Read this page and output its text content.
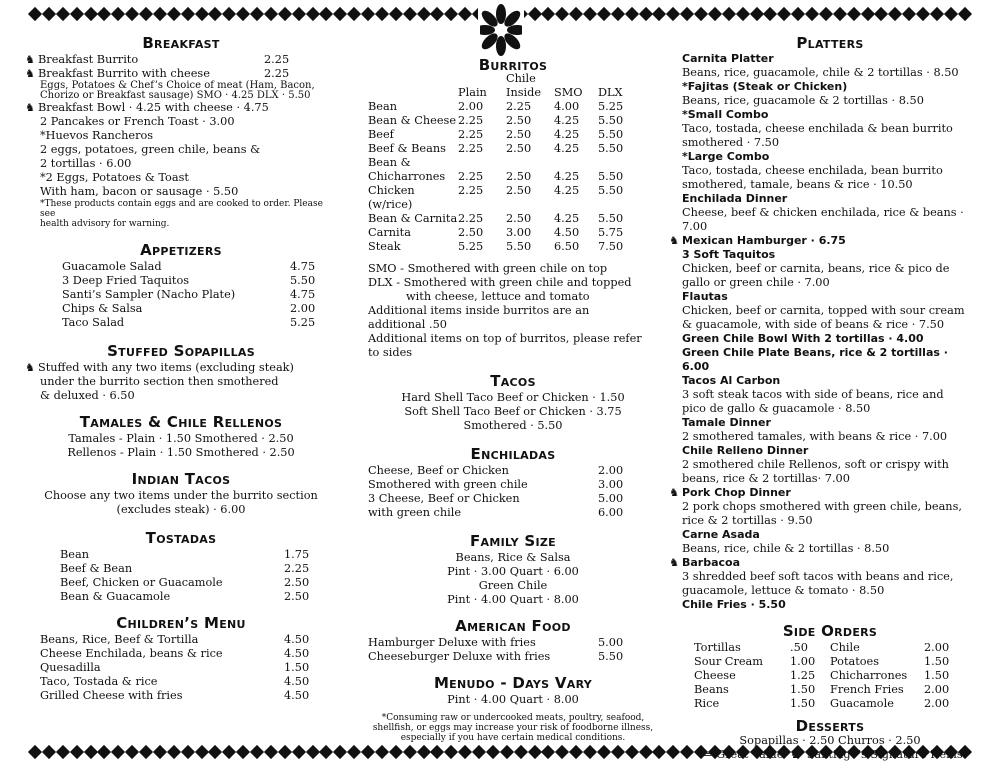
Breakfast
♞ Breakfast Burrito	2.25
♞ Breakfast Burrito with cheese	2.25
Eggs, Potatoes & Chef’s Choice of meat (Ham, Bacon,
Chorizo or Breakfast sausage) SMO · 4.25 DLX · 5.50
♞ Breakfast Bowl · 4.25 with cheese · 4.75
2 Pancakes or French Toast · 3.00
*Huevos Rancheros
2 eggs, potatoes, green chile, beans &
2 tortillas · 6.00
*2 Eggs, Potatoes & Toast
With ham, bacon or sausage · 5.50
*These products contain eggs and are cooked to order. Please see
health advisory for warning.
Appetizers
Guacamole Salad	4.75
3 Deep Fried Taquitos	5.50
Santi’s Sampler (Nacho Plate)	4.75
Chips & Salsa	2.00
Taco Salad	5.25
Stuffed Sopapillas
♞ Stuffed with any two items (excluding steak)
under the burrito section then smothered
& deluxed · 6.50
Tamales & Chile Rellenos
Tamales - Plain · 1.50 Smothered · 2.50
Rellenos - Plain · 1.50 Smothered · 2.50
Indian Tacos
Choose any two items under the burrito section
(excludes steak) · 6.00
Tostadas
Bean	1.75
Beef & Bean	2.25
Beef, Chicken or Guacamole	2.50
Bean & Guacamole	2.50
Children’s Menu
Beans, Rice, Beef & Tortilla	4.50
Cheese Enchilada, beans & rice	4.50
Quesadilla	1.50
Taco, Tostada & rice	4.50
Grilled Cheese with fries	4.50
Burritos
		Chile		
	Plain	Inside	SMO	DLX
Bean	2.00	2.25	4.00	5.25
Bean & Cheese	2.25	2.50	4.25	5.50
Beef	2.25	2.50	4.25	5.50
Beef & Beans	2.25	2.50	4.25	5.50
Bean &				
Chicharrones	2.25	2.50	4.25	5.50
Chicken (w/rice)	2.25	2.50	4.25	5.50
Bean & Carnita	2.25	2.50	4.25	5.50
Carnita	2.50	3.00	4.50	5.75
Steak	5.25	5.50	6.50	7.50
SMO - Smothered with green chile on top
DLX - Smothered with green chile and topped
with cheese, lettuce and tomato
Additional items inside burritos are an
additional .50
Additional items on top of burritos, please refer
to sides
Tacos
Hard Shell Taco Beef or Chicken · 1.50
Soft Shell Taco Beef or Chicken · 3.75
Smothered · 5.50
Enchiladas
Cheese, Beef or Chicken	2.00
Smothered with green chile	3.00
3 Cheese, Beef or Chicken	5.00
with green chile	6.00
Family Size
Beans, Rice & Salsa
Pint · 3.00 Quart · 6.00
Green Chile
Pint · 4.00 Quart · 8.00
American Food
Hamburger Deluxe with fries	5.00
Cheeseburger Deluxe with fries	5.50
Menudo - Days Vary
Pint · 4.00 Quart · 8.00
*Consuming raw or undercooked meats, poultry, seafood,
shellfish, or eggs may increase your risk of foodborne illness,
especially if you have certain medical conditions.
Platters
Carnita Platter
Beans, rice, guacamole, chile & 2 tortillas · 8.50
*Fajitas (Steak or Chicken)
Beans, rice, guacamole & 2 tortillas · 8.50
*Small Combo
Taco, tostada, cheese enchilada & bean burrito
smothered · 7.50
*Large Combo
Taco, tostada, cheese enchilada, bean burrito
smothered, tamale, beans & rice · 10.50
Enchilada Dinner
Cheese, beef & chicken enchilada, rice & beans · 7.00
♞ Mexican Hamburger · 6.75
3 Soft Taquitos
Chicken, beef or carnita, beans, rice & pico de
gallo or green chile · 7.00
Flautas
Chicken, beef or carnita, topped with sour cream
& guacamole, with side of beans & rice · 7.50
Green Chile Bowl With 2 tortillas · 4.00
Green Chile Plate Beans, rice & 2 tortillas · 6.00
Tacos Al Carbon
3 soft steak tacos with side of beans, rice and
pico de gallo & guacamole · 8.50
Tamale Dinner
2 smothered tamales, with beans & rice · 7.00
Chile Relleno Dinner
2 smothered chile Rellenos, soft or crispy with
beans, rice & 2 tortillas· 7.00
♞ Pork Chop Dinner
2 pork chops smothered with green chile, beans,
rice & 2 tortillas · 9.50
Carne Asada
Beans, rice, chile & 2 tortillas · 8.50
♞ Barbacoa
3 shredded beef soft tacos with beans and rice,
guacamole, lettuce & tomato · 8.50
Chile Fries · 5.50
Side Orders
Tortillas	.50	Chile	2.00
Sour Cream	1.00	Potatoes	1.50
Cheese	1.25	Chicharrones	1.50
Beans	1.50	French Fries	2.00
Rice	1.50	Guacamole	2.00
Desserts
Sopapillas · 2.50 Churros · 2.50
*= Great Value ♞ Santiago’s Signature Items
